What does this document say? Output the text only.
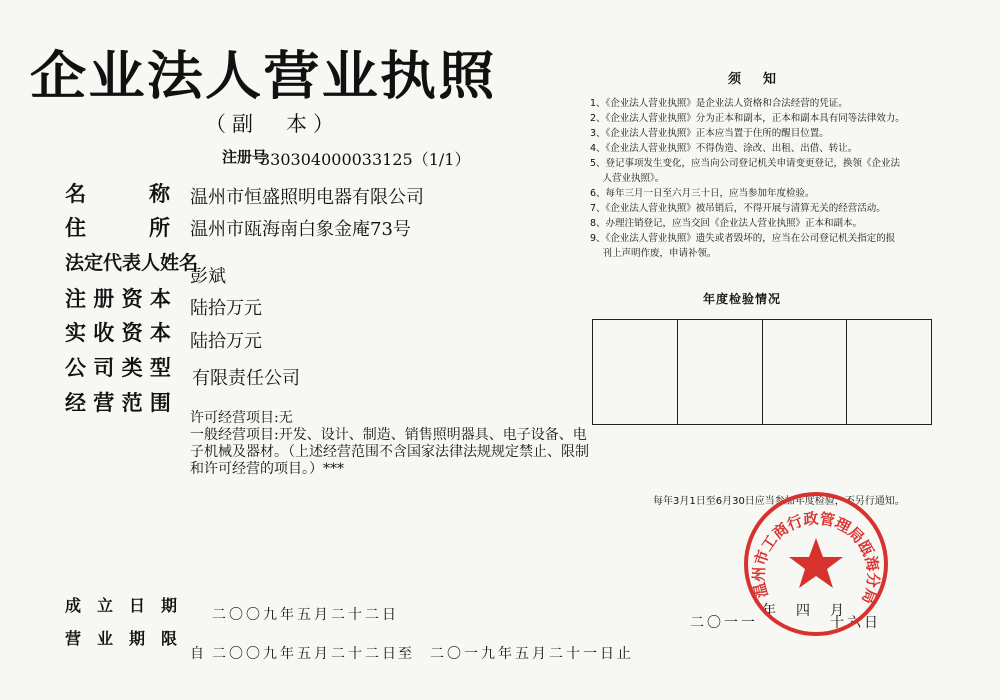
企业法人营业执照
（副　本）
注册号
330304000033125（1/1）
名　　　称 温州市恒盛照明电器有限公司
住　　　所 温州市瓯海南白象金庵73号
法定代表人姓名
彭斌
注 册 资 本 陆拾万元
实 收 资 本 陆拾万元
公 司 类 型 有限责任公司
经 营 范 围
许可经营项目:无
一般经营项目:开发、设计、制造、销售照明器具、电子设备、电
子机械及器材。（上述经营范围不含国家法律法规规定禁止、限制
和许可经营的项目。）***
成　立　日　期 二〇〇九年五月二十二日
营　业　期　限
自 二〇〇九年五月二十二日 至 二〇一九年五月二十一日止
须知
1、《企业法人营业执照》是企业法人资格和合法经营的凭证。
2、《企业法人营业执照》分为正本和副本，正本和副本具有同等法律效力。
3、《企业法人营业执照》正本应当置于住所的醒目位置。
4、《企业法人营业执照》不得伪造、涂改、出租、出借、转让。
5、登记事项发生变化，应当向公司登记机关申请变更登记，换领《企业法
　 人营业执照》。
6、每年三月一日至六月三十日，应当参加年度检验。
7、《企业法人营业执照》被吊销后，不得开展与清算无关的经营活动。
8、办理注销登记，应当交回《企业法人营业执照》正本和副本。
9、《企业法人营业执照》遗失或者毁坏的，应当在公司登记机关指定的报
　 刊上声明作废，申请补领。
年度检验情况
每年3月1日至6月30日应当参加年度检验，不另行通知。
二〇一一
年　四　月
十六日
温州市工商行政管理局瓯海分局
